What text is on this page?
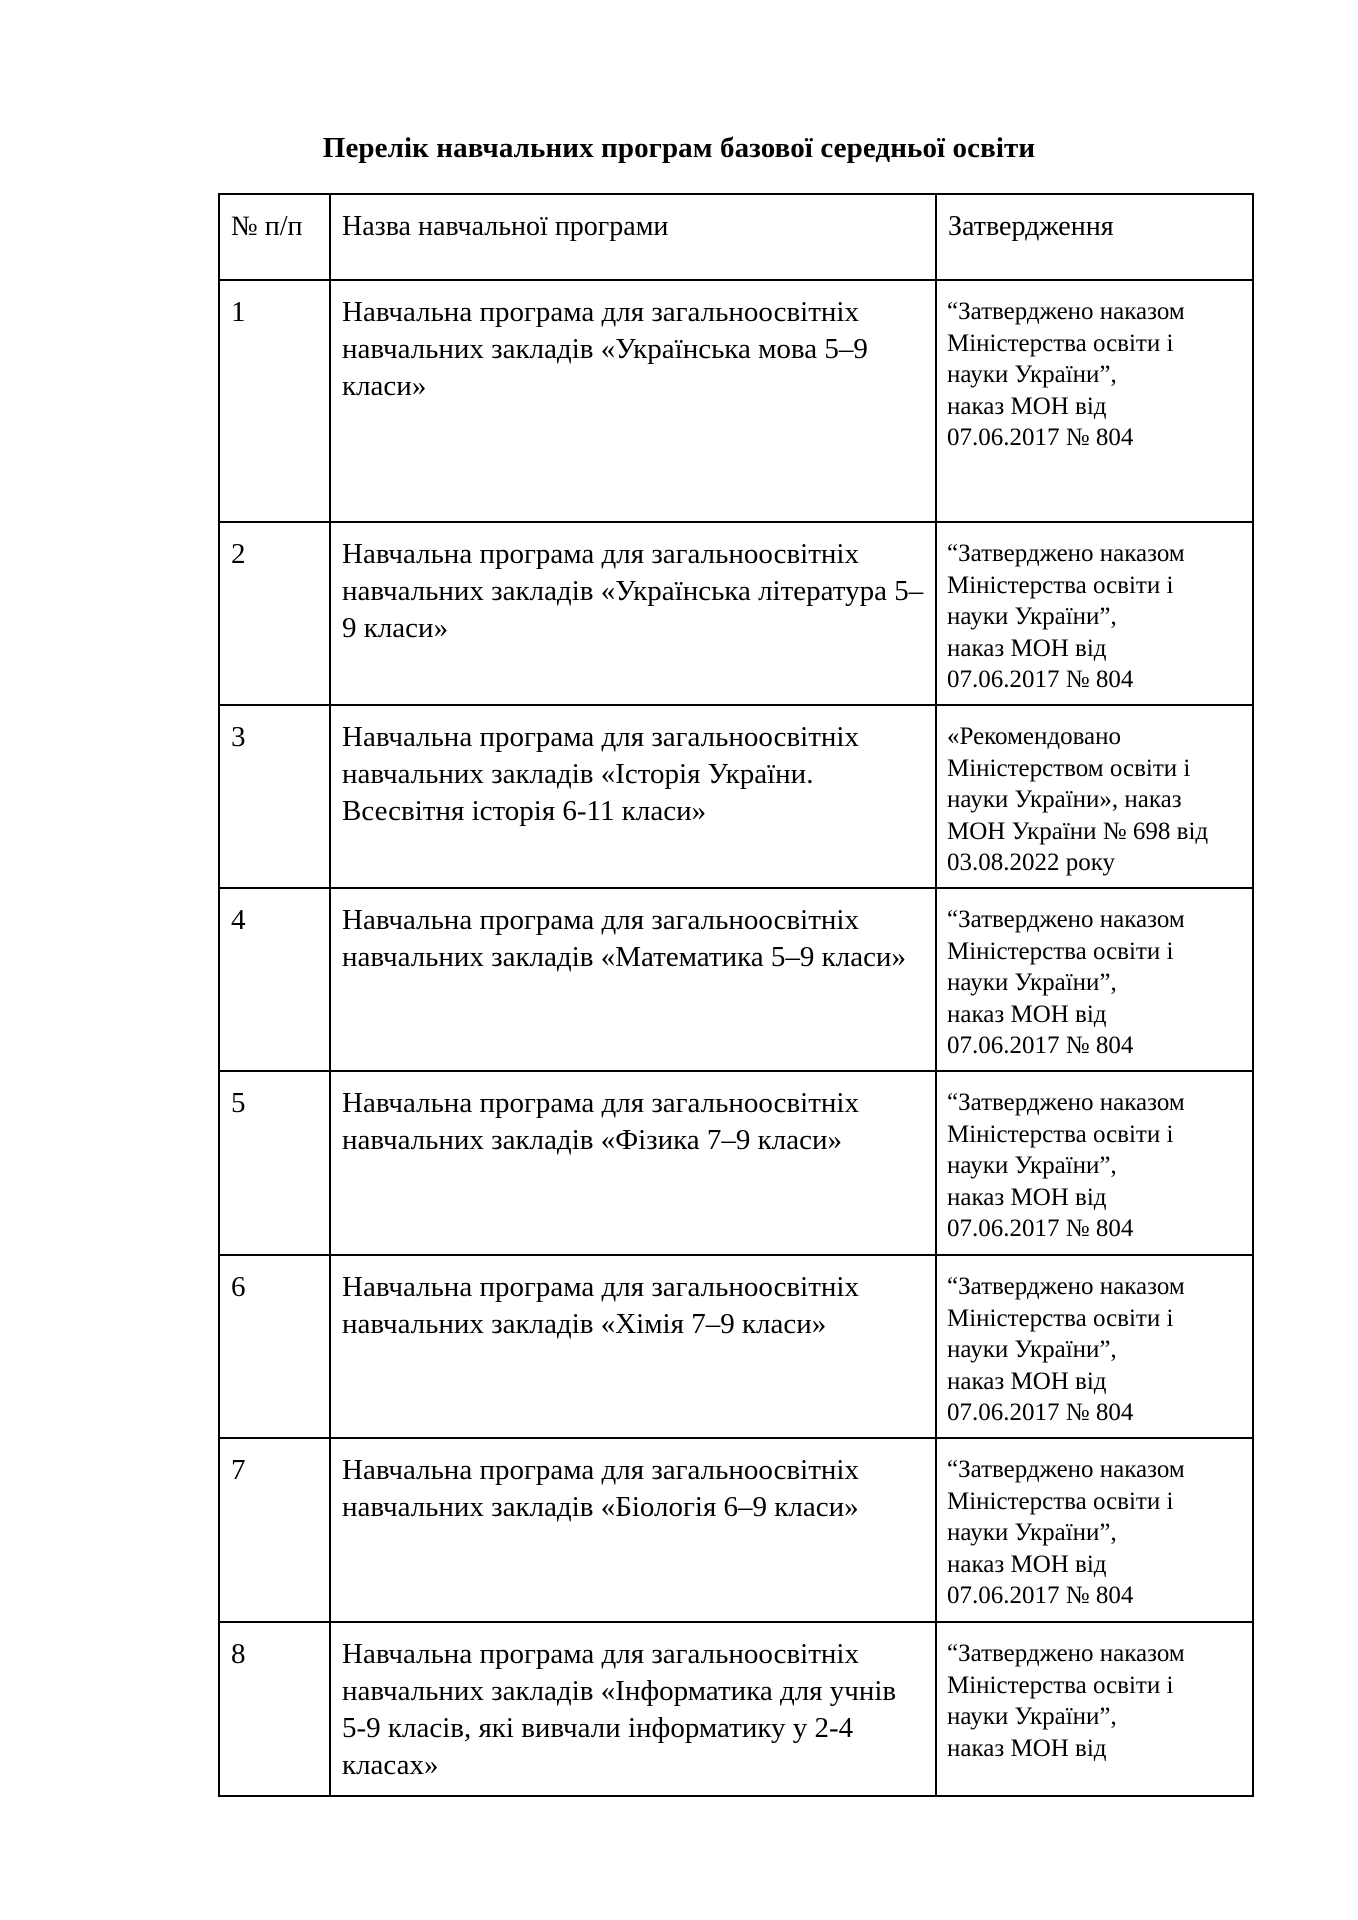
Перелік навчальних програм базової середньої освіти
№ п/п	Назва навчальної програми	Затвердження
1	Навчальна програма для загальноосвітніх навчальних закладів «Українська мова 5–9 класи»	“Затверджено наказом
Міністерства освіти і
науки України”,
наказ МОН від
07.06.2017 № 804

2	Навчальна програма для загальноосвітніх навчальних закладів «Українська література 5–9 класи»	“Затверджено наказом
Міністерства освіти і
науки України”,
наказ МОН від
07.06.2017 № 804

3	Навчальна програма для загальноосвітніх навчальних закладів «Історія України. Всесвітня історія 6-11 класи»	«Рекомендовано
Міністерством освіти і
науки України», наказ
МОН України № 698 від
03.08.2022 року

4	Навчальна програма для загальноосвітніх навчальних закладів «Математика 5–9 класи»	“Затверджено наказом
Міністерства освіти і
науки України”,
наказ МОН від
07.06.2017 № 804

5	Навчальна програма для загальноосвітніх навчальних закладів «Фізика 7–9 класи»	“Затверджено наказом
Міністерства освіти і
науки України”,
наказ МОН від
07.06.2017 № 804

6	Навчальна програма для загальноосвітніх навчальних закладів «Хімія 7–9 класи»	“Затверджено наказом
Міністерства освіти і
науки України”,
наказ МОН від
07.06.2017 № 804

7	Навчальна програма для загальноосвітніх навчальних закладів «Біологія 6–9 класи»	“Затверджено наказом
Міністерства освіти і
науки України”,
наказ МОН від
07.06.2017 № 804

8	Навчальна програма для загальноосвітніх навчальних закладів «Інформатика для учнів 5-9 класів, які вивчали інформатику у 2-4 класах»	“Затверджено наказом
Міністерства освіти і
науки України”,
наказ МОН від
